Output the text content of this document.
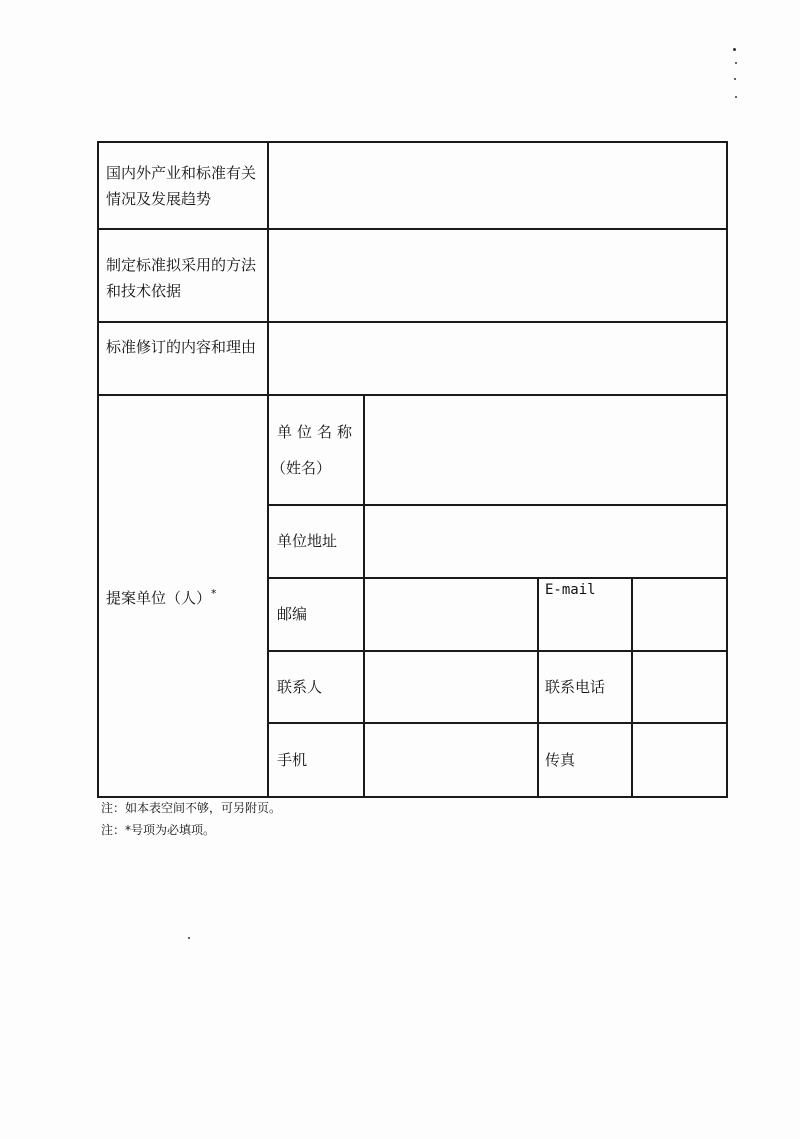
国内外产业和标准有关情况及发展趋势
制定标准拟采用的方法和技术依据
标准修订的内容和理由
提案单位（人）*
单位名称
（姓名）
单位地址
邮编
E-mail
联系人	联系电话
手机	传真
注：如本表空间不够，可另附页。
注：*号项为必填项。
